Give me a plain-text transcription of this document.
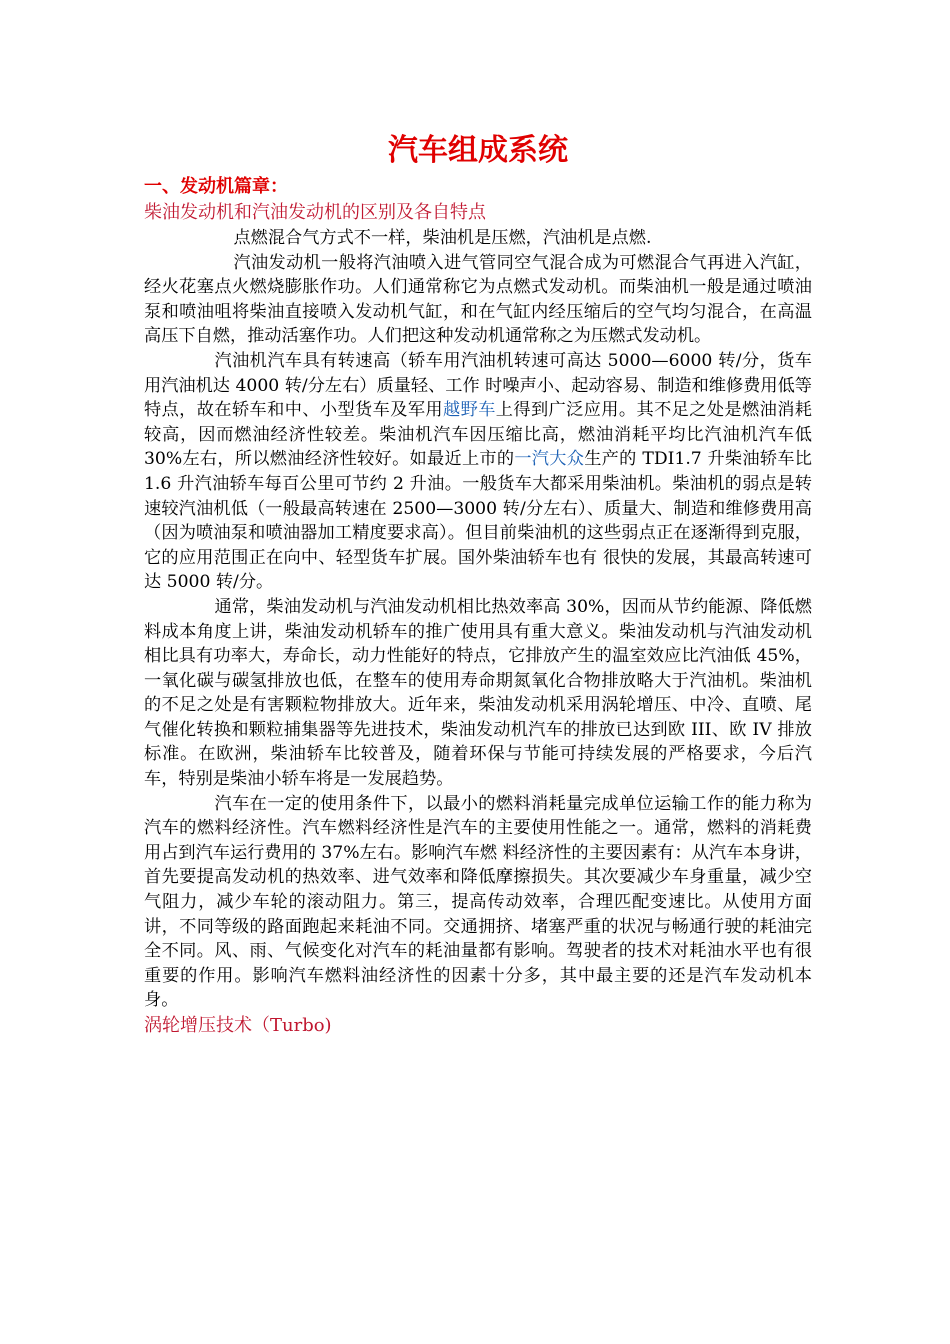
汽车组成系统

一、发动机篇章：

柴油发动机和汽油发动机的区别及各自特点

点燃混合气方式不一样，柴油机是压燃，汽油机是点燃.

汽油发动机一般将汽油喷入进气管同空气混合成为可燃混合气再进入汽缸，经火花塞点火燃烧膨胀作功。人们通常称它为点燃式发动机。而柴油机一般是通过喷油泵和喷油咀将柴油直接喷入发动机气缸，和在气缸内经压缩后的空气均匀混合，在高温高压下自燃，推动活塞作功。人们把这种发动机通常称之为压燃式发动机。

汽油机汽车具有转速高（轿车用汽油机转速可高达 5000—6000 转/分，货车用汽油机达 4000 转/分左右）质量轻、工作 时噪声小、起动容易、制造和维修费用低等特点，故在轿车和中、小型货车及军用越野车上得到广泛应用。其不足之处是燃油消耗较高，因而燃油经济性较差。柴油机汽车因压缩比高，燃油消耗平均比汽油机汽车低 30%左右，所以燃油经济性较好。如最近上市的一汽大众生产的 TDI1.7 升柴油轿车比 1.6 升汽油轿车每百公里可节约 2 升油。一般货车大都采用柴油机。柴油机的弱点是转速较汽油机低（一般最高转速在 2500—3000 转/分左右）、质量大、制造和维修费用高（因为喷油泵和喷油器加工精度要求高）。但目前柴油机的这些弱点正在逐渐得到克服，它的应用范围正在向中、轻型货车扩展。国外柴油轿车也有 很快的发展，其最高转速可达 5000 转/分。

通常，柴油发动机与汽油发动机相比热效率高 30%，因而从节约能源、降低燃料成本角度上讲，柴油发动机轿车的推广使用具有重大意义。柴油发动机与汽油发动机相比具有功率大，寿命长，动力性能好的特点，它排放产生的温室效应比汽油低 45%，一氧化碳与碳氢排放也低，在整车的使用寿命期氮氧化合物排放略大于汽油机。柴油机的不足之处是有害颗粒物排放大。近年来，柴油发动机采用涡轮增压、中冷、直喷、尾气催化转换和颗粒捕集器等先进技术，柴油发动机汽车的排放已达到欧 III、欧 IV 排放标准。在欧洲，柴油轿车比较普及，随着环保与节能可持续发展的严格要求，今后汽车，特别是柴油小轿车将是一发展趋势。

汽车在一定的使用条件下，以最小的燃料消耗量完成单位运输工作的能力称为汽车的燃料经济性。汽车燃料经济性是汽车的主要使用性能之一。通常，燃料的消耗费用占到汽车运行费用的 37%左右。影响汽车燃 料经济性的主要因素有：从汽车本身讲，首先要提高发动机的热效率、进气效率和降低摩擦损失。其次要减少车身重量，减少空气阻力，减少车轮的滚动阻力。第三，提高传动效率，合理匹配变速比。从使用方面讲，不同等级的路面跑起来耗油不同。交通拥挤、堵塞严重的状况与畅通行驶的耗油完全不同。风、雨、气候变化对汽车的耗油量都有影响。驾驶者的技术对耗油水平也有很重要的作用。影响汽车燃料油经济性的因素十分多，其中最主要的还是汽车发动机本身。

涡轮增压技术（Turbo)
